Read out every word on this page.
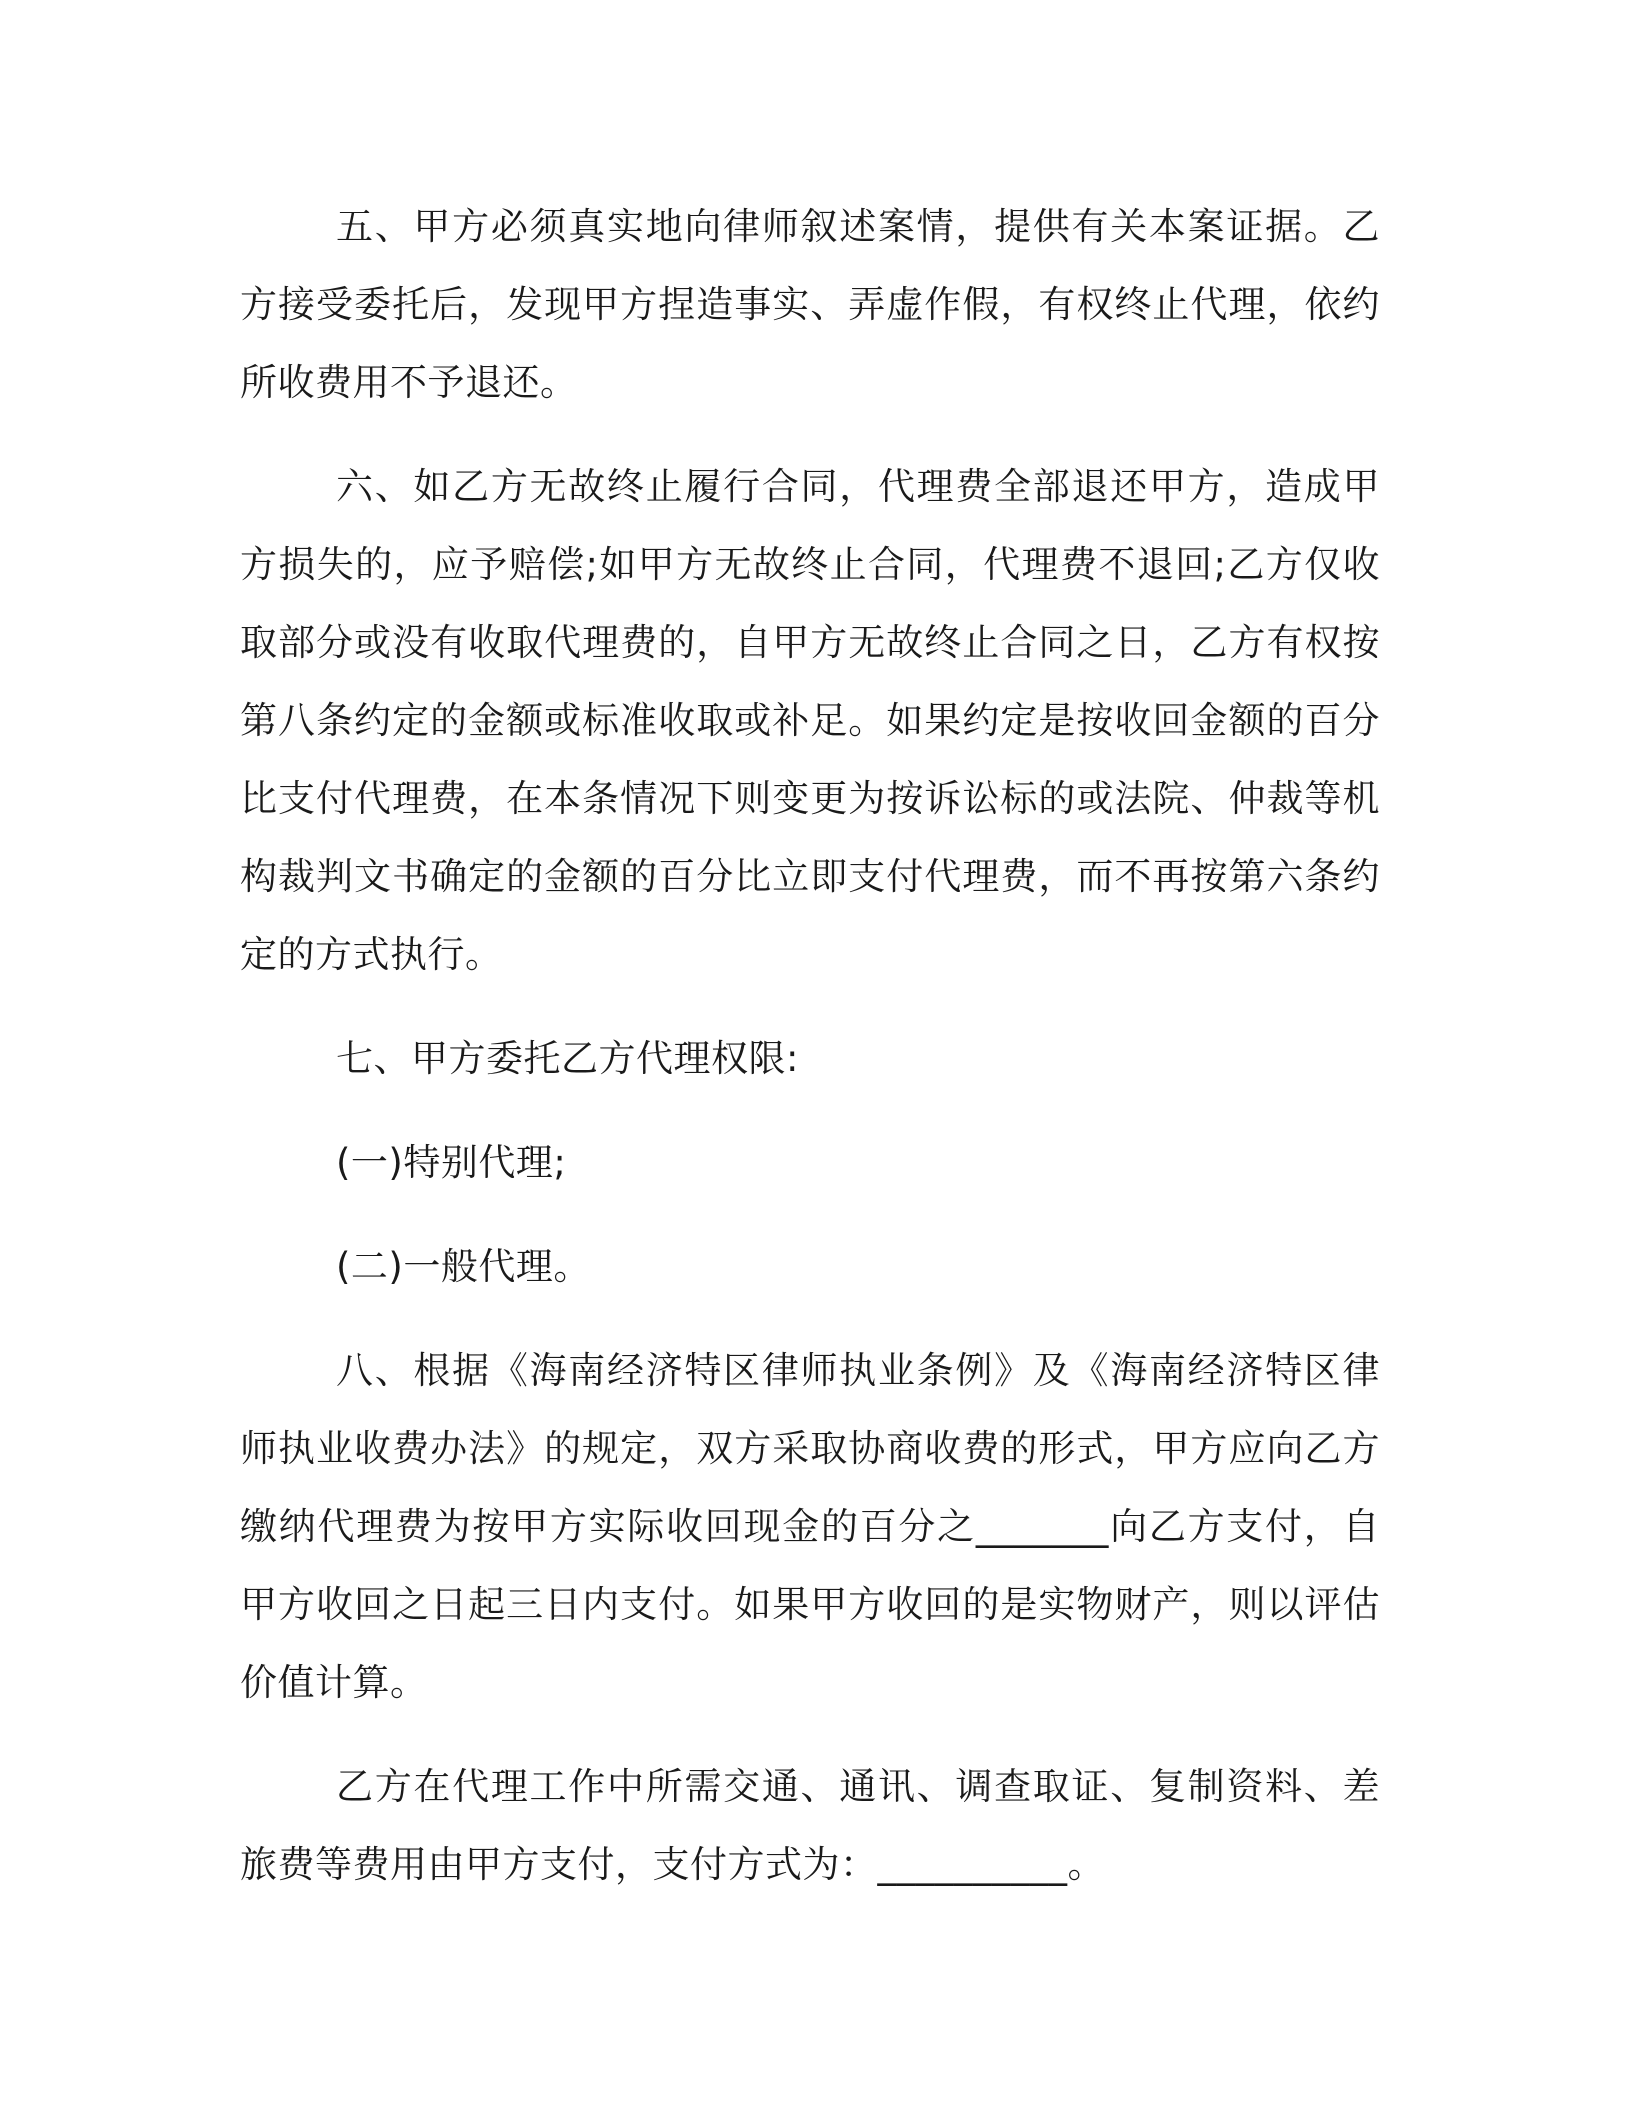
五、甲方必须真实地向律师叙述案情，提供有关本案证据。乙方接受委托后，发现甲方捏造事实、弄虚作假，有权终止代理，依约所收费用不予退还。

六、如乙方无故终止履行合同，代理费全部退还甲方，造成甲方损失的，应予赔偿;如甲方无故终止合同，代理费不退回;乙方仅收取部分或没有收取代理费的，自甲方无故终止合同之日，乙方有权按第八条约定的金额或标准收取或补足。如果约定是按收回金额的百分比支付代理费，在本条情况下则变更为按诉讼标的或法院、仲裁等机构裁判文书确定的金额的百分比立即支付代理费，而不再按第六条约定的方式执行。

七、甲方委托乙方代理权限:

(一)特别代理;

(二)一般代理。

八、根据《海南经济特区律师执业条例》及《海南经济特区律师执业收费办法》的规定，双方采取协商收费的形式，甲方应向乙方缴纳代理费为按甲方实际收回现金的百分之_______向乙方支付，自甲方收回之日起三日内支付。如果甲方收回的是实物财产，则以评估价值计算。

乙方在代理工作中所需交通、通讯、调查取证、复制资料、差旅费等费用由甲方支付，支付方式为：__________。
